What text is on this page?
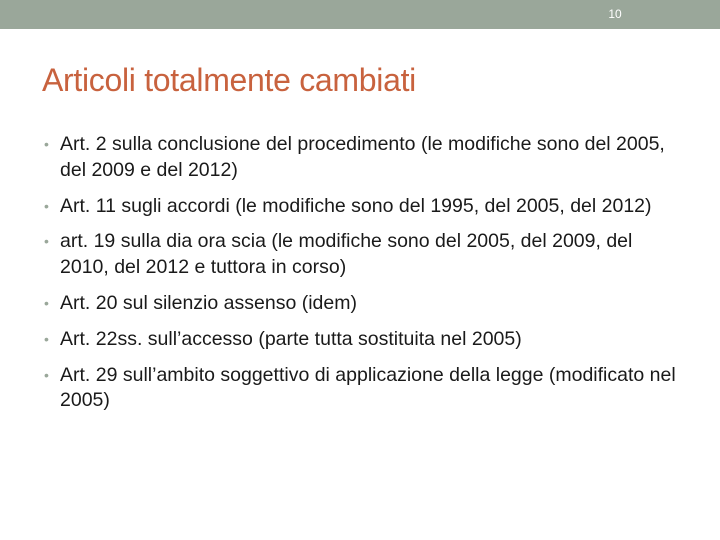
10
Articoli totalmente cambiati
• Art. 2 sulla conclusione del procedimento (le modifiche sono del 2005, del 2009 e del 2012)
• Art. 11 sugli accordi (le modifiche sono del 1995, del 2005, del 2012)
• art. 19 sulla dia ora scia (le modifiche sono del 2005, del 2009, del 2010, del 2012 e tuttora in corso)
• Art. 20 sul silenzio assenso (idem)
• Art. 22ss. sull’accesso (parte tutta sostituita nel 2005)
• Art. 29 sull’ambito soggettivo di applicazione della legge (modificato nel 2005)
